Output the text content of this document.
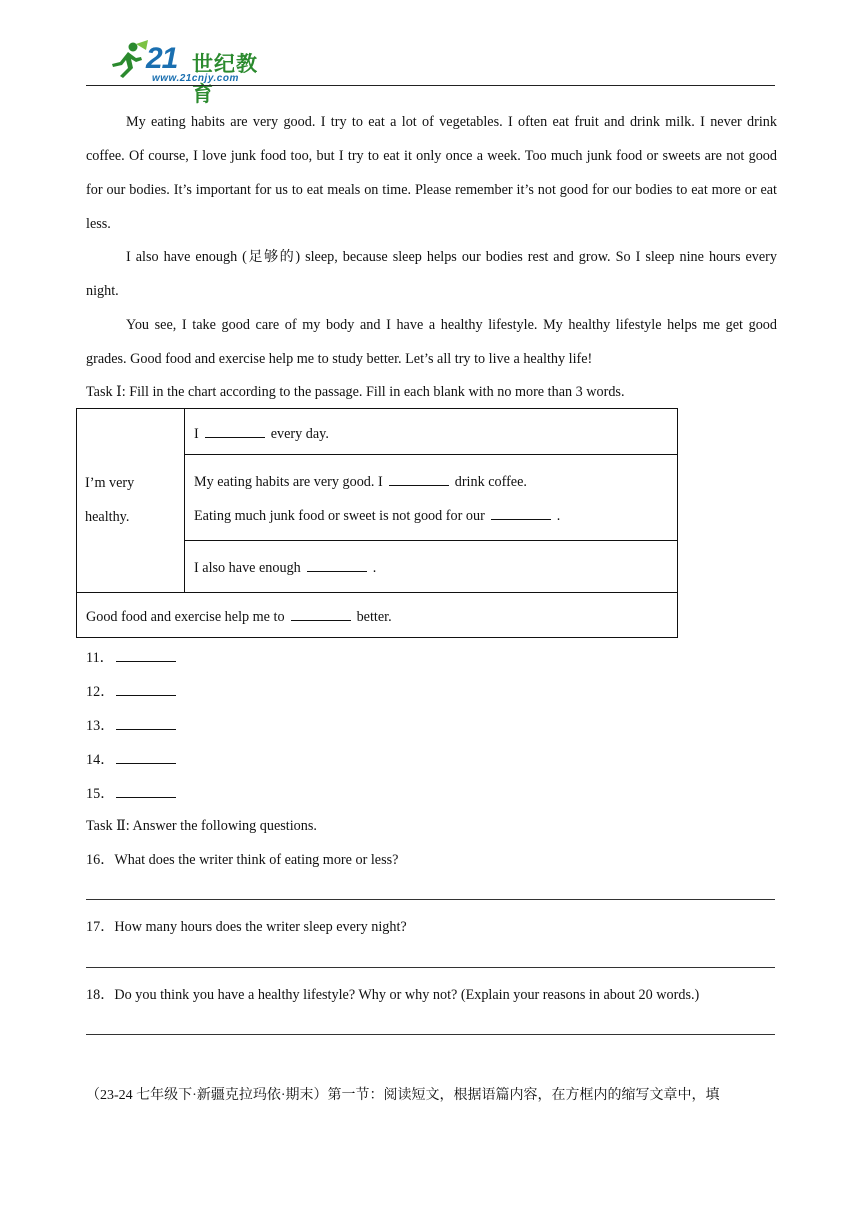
21 世纪教育
www.21cnjy.com

My eating habits are very good. I try to eat a lot of vegetables. I often eat fruit and drink milk. I never drink coffee. Of course, I love junk food too, but I try to eat it only once a week. Too much junk food or sweets are not good for our bodies. It’s important for us to eat meals on time. Please remember it’s not good for our bodies to eat more or eat less.

I also have enough (足够的) sleep, because sleep helps our bodies rest and grow. So I sleep nine hours every night.

You see, I take good care of my body and I have a healthy lifestyle. My healthy lifestyle helps me get good grades. Good food and exercise help me to study better. Let’s all try to live a healthy life!

Task Ⅰ: Fill in the chart according to the passage. Fill in each blank with no more than 3 words.
I’m very
healthy.
I	every day.
My eating habits are very good. I	drink coffee.
Eating much junk food or sweet is not good for our	.
I also have enough	.
Good food and exercise help me to	better.
11．
12．
13．
14．
15．
Task Ⅱ: Answer the following questions.
16．What does the writer think of eating more or less?
17．How many hours does the writer sleep every night?
18．Do you think you have a healthy lifestyle? Why or why not? (Explain your reasons in about 20 words.)
（23-24 七年级下·新疆克拉玛依·期末）第一节：阅读短文，根据语篇内容，在方框内的缩写文章中，填
